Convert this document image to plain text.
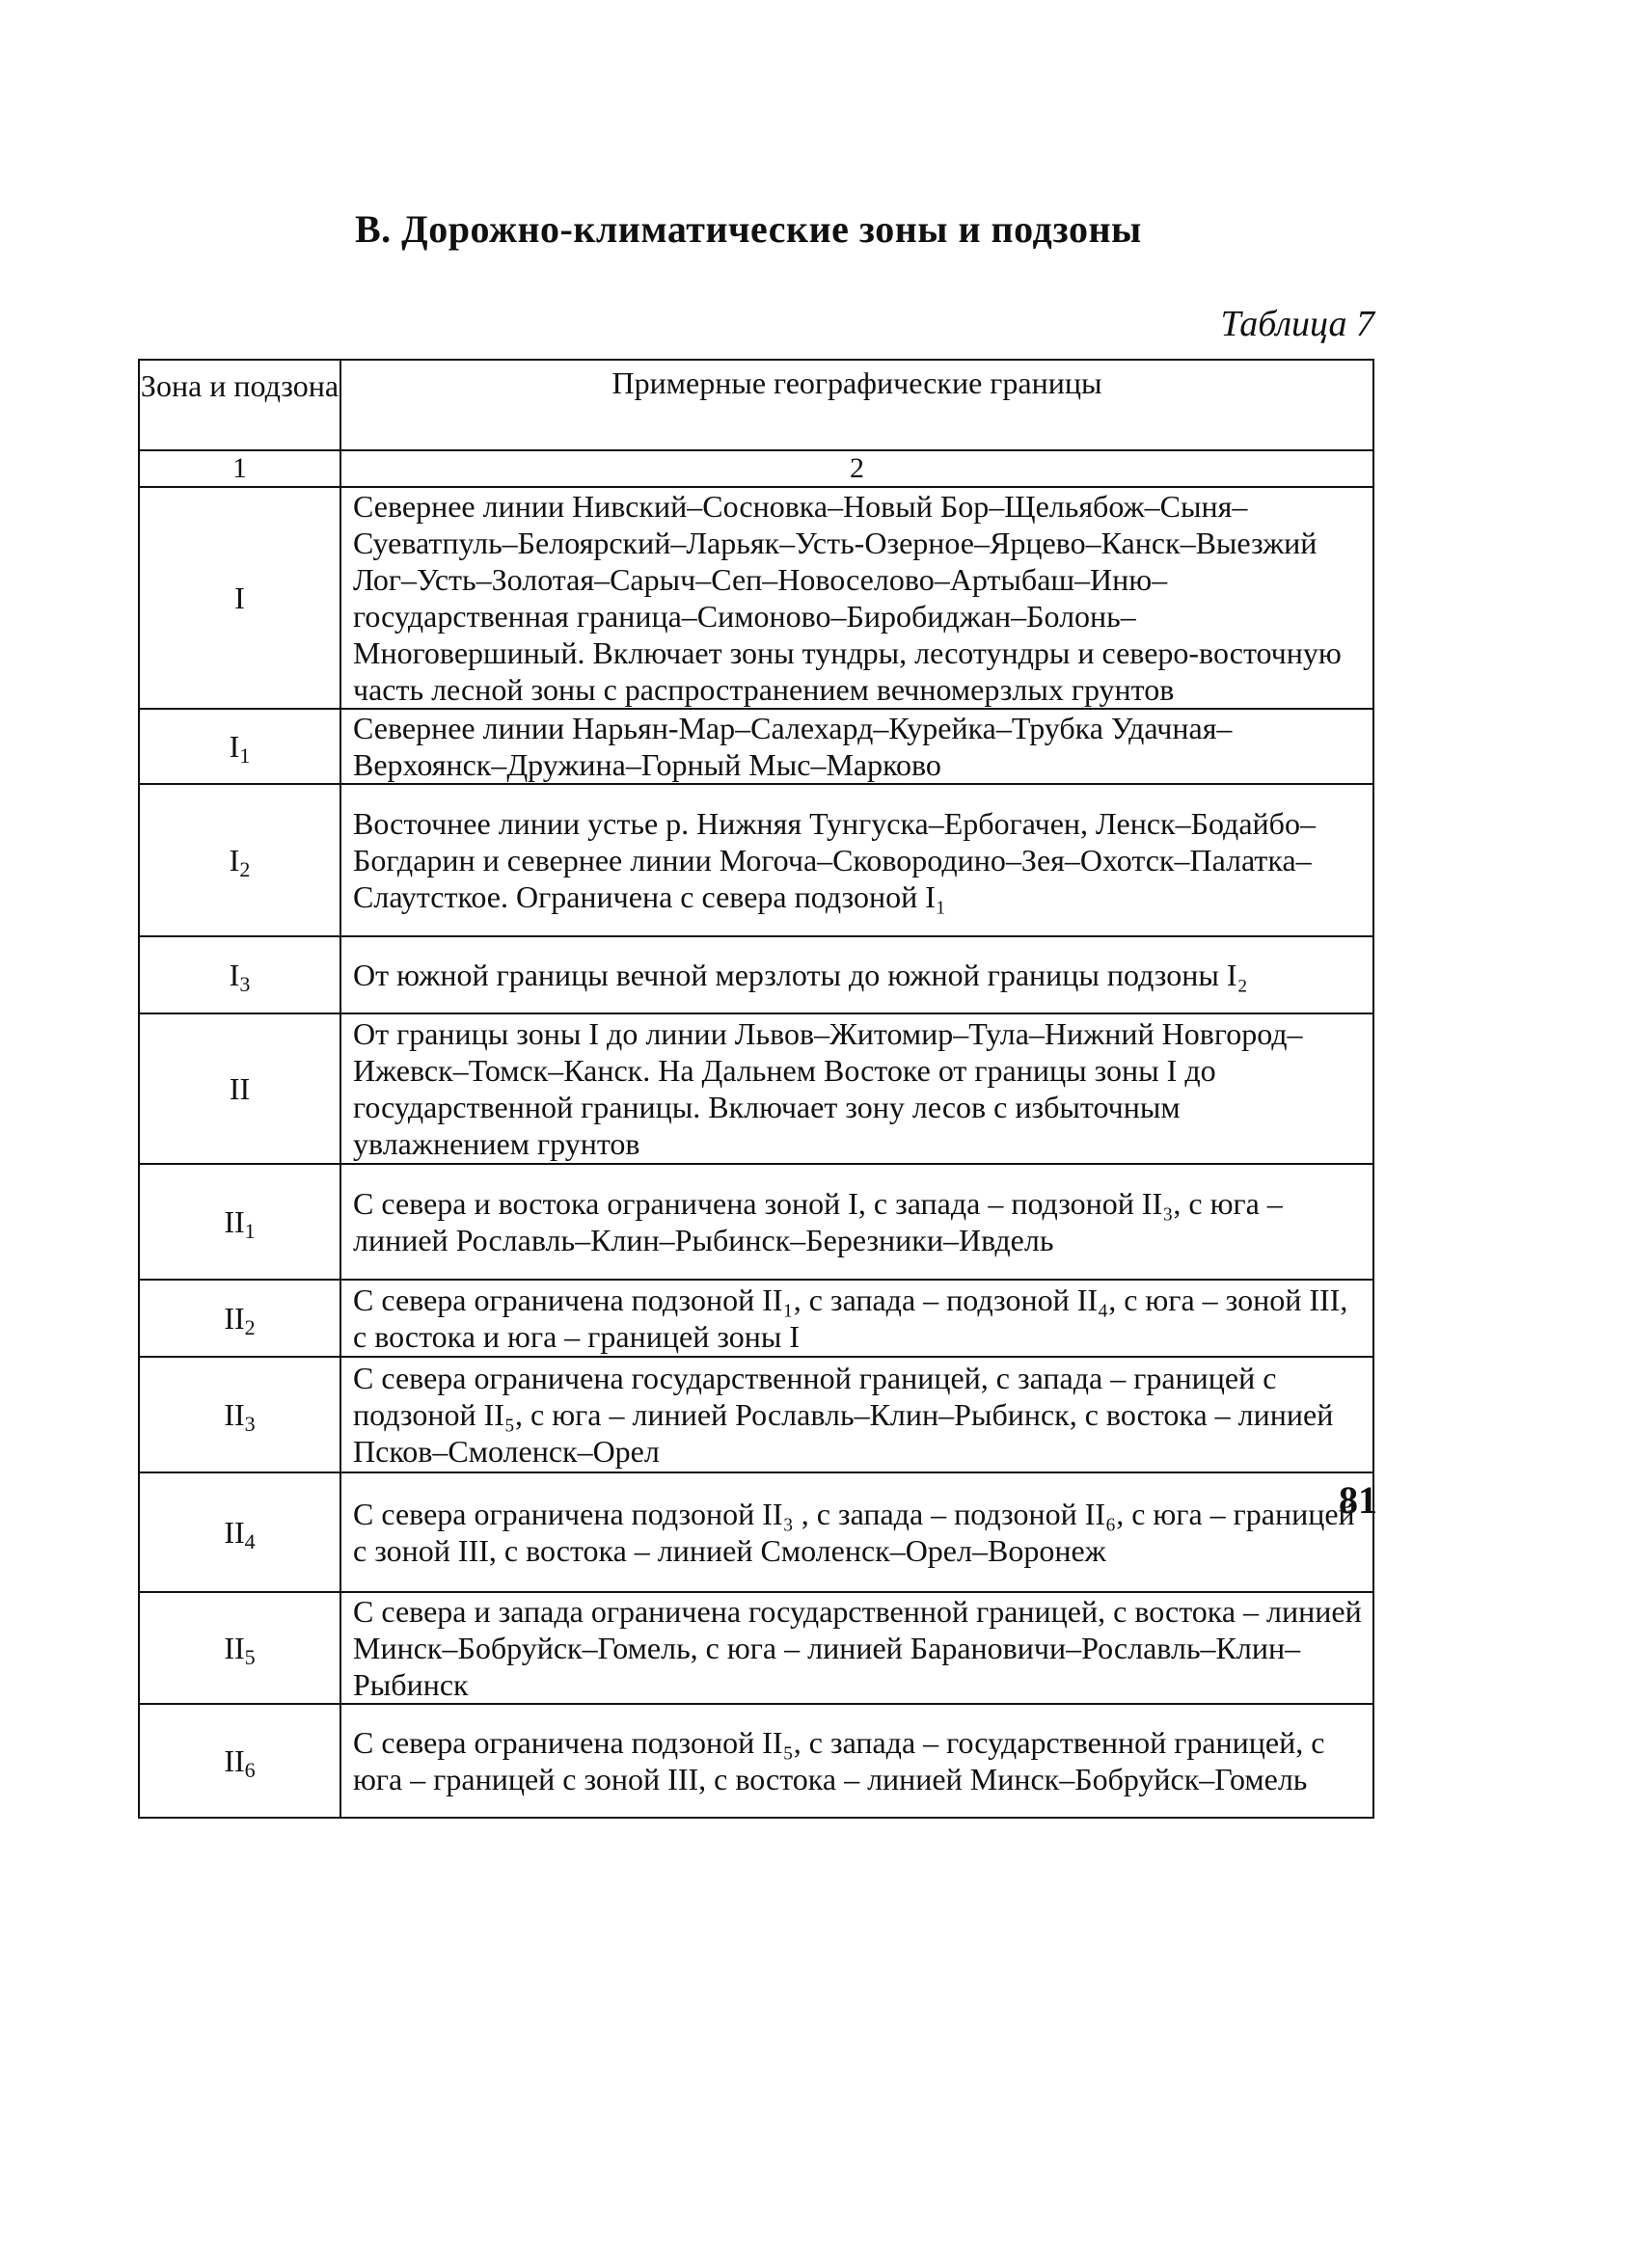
В. Дорожно-климатические зоны и подзоны
Таблица 7
Зона и подзона	Примерные географические границы
1	2
I	Севернее линии Нивский–Сосновка–Новый Бор–Щельябож–Сыня–Суеватпуль–Белоярский–Ларьяк–Усть-Озерное–Ярцево–Канск–Выезжий Лог–Усть–Золотая–Сарыч–Сеп–Новоселово–Артыбаш–Иню–государственная граница–Симоново–Биробиджан–Болонь–Многовершиный. Включает зоны тундры, лесотундры и северо-восточную часть лесной зоны с распространением вечномерзлых грунтов
$I_1$	Севернее линии Нарьян-Мар–Салехард–Курейка–Трубка Удачная–Верхоянск–Дружина–Горный Мыс–Марково
$I_2$	Восточнее линии устье р. Нижняя Тунгуска–Ербогачен, Ленск–Бодайбо–Богдарин и севернее линии Могоча–Сковородино–Зея–Охотск–Палатка–Слаутсткое. Ограничена с севера подзоной I₁
$I_3$	От южной границы вечной мерзлоты до южной границы подзоны I₂
II	От границы зоны I до линии Львов–Житомир–Тула–Нижний Новгород–Ижевск–Томск–Канск. На Дальнем Востоке от границы зоны I до государственной границы. Включает зону лесов с избыточным увлажнением грунтов
$II_1$	С севера и востока ограничена зоной I, с запада – подзоной II₃, с юга – линией Рославль–Клин–Рыбинск–Березники–Ивдель
$II_2$	С севера ограничена подзоной II₁, с запада – подзоной II₄, с юга – зоной III, с востока и юга – границей зоны I
$II_3$	С севера ограничена государственной границей, с запада – границей с подзоной II₅, с юга – линией Рославль–Клин–Рыбинск, с востока – линией Псков–Смоленск–Орел
$II_4$	С севера ограничена подзоной II₃ , с запада – подзоной II₆, с юга – границей с зоной III, с востока – линией Смоленск–Орел–Воронеж
$II_5$	С севера и запада ограничена государственной границей, с востока – линией Минск–Бобруйск–Гомель, с юга – линией Барановичи–Рославль–Клин–Рыбинск
$II_6$	С севера ограничена подзоной II₅, с запада – государственной границей, с юга – границей с зоной III, с востока – линией Минск–Бобруйск–Гомель
81
